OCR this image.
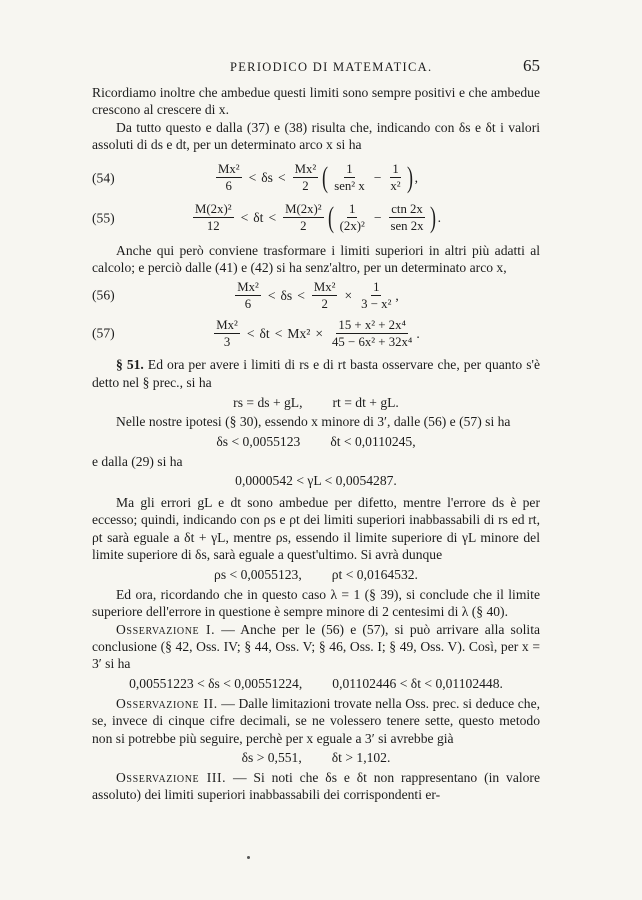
PERIODICO DI MATEMATICA.	65

Ricordiamo inoltre che ambedue questi limiti sono sempre positivi e che ambedue crescono al crescere di x.

Da tutto questo e dalla (37) e (38) risulta che, indicando con δs e δt i valori assoluti di ds e dt, per un determinato arco x si ha

(54)
Mx²
6
< δs <
Mx²
2 ( 1
sen² x
− $\frac{1}{\text{x²}}$ ) ,
(55)
M(2x)²
12
< δt <
M(2x)²
2 ( 1
(2x)²
−
ctn 2x
sen 2x ) .

Anche qui però conviene trasformare i limiti superiori in altri più adatti al calcolo; e perciò dalle (41) e (42) si ha senz'altro, per un determinato arco x,

(56)
Mx²
6
< $\delta s < \frac{\text{Mx²}}{2} \times \frac{1}{\text{3 − x²}}$ ,
(57)
Mx²
3
< $\delta t < Mx^2 \times \frac{\text{15 + x² + 2x⁴}}{\text{45 − 6x² + 32x⁴}}$ .

§ 51. Ed ora per avere i limiti di rs e di rt basta osservare che, per quanto s'è detto nel § prec., si ha

rs = ds + gL, rt = dt + gL.

Nelle nostre ipotesi (§ 30), essendo x minore di 3′, dalle (56) e (57) si ha

δs < 0,0055123 δt < 0,0110245,

e dalla (29) si ha

0,0000542 < γL < 0,0054287.

Ma gli errori gL e dt sono ambedue per difetto, mentre l'errore ds è per eccesso; quindi, indicando con ρs e ρt dei limiti superiori inabbassabili di rs ed rt, ρt sarà eguale a δt + γL, mentre ρs, essendo il limite superiore di γL minore del limite superiore di δs, sarà eguale a quest'ultimo. Si avrà dunque

ρs < 0,0055123, ρt < 0,0164532.

Ed ora, ricordando che in questo caso λ = 1 (§ 39), si conclude che il limite superiore dell'errore in questione è sempre minore di 2 centesimi di λ (§ 40).

Osservazione I. — Anche per le (56) e (57), si può arrivare alla solita conclusione (§ 42, Oss. IV; § 44, Oss. V; § 46, Oss. I; § 49, Oss. V). Così, per x = 3′ si ha

0,00551223 < δs < 0,00551224, 0,01102446 < δt < 0,01102448.

Osservazione II. — Dalle limitazioni trovate nella Oss. prec. si deduce che, se, invece di cinque cifre decimali, se ne volessero tenere sette, questo metodo non si potrebbe più seguire, perchè per x eguale a 3′ si avrebbe già

δs > 0,551, δt > 1,102.

Osservazione III. — Si noti che δs e δt non rappresentano (in valore assoluto) dei limiti superiori inabbassabili dei corrispondenti er-
